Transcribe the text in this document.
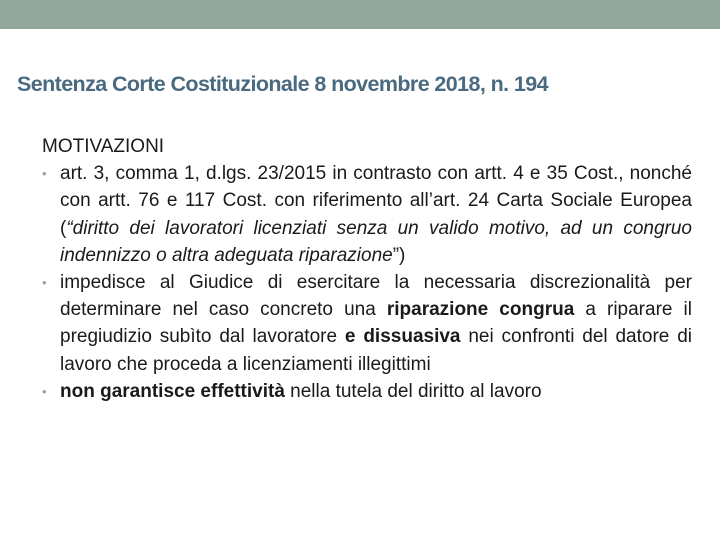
Sentenza Corte Costituzionale 8 novembre 2018, n. 194

MOTIVAZIONI

• art. 3, comma 1, d.lgs. 23/2015 in contrasto con artt. 4 e 35 Cost., nonché con artt. 76 e 117 Cost. con riferimento all’art. 24 Carta Sociale Europea (“diritto dei lavoratori licenziati senza un valido motivo, ad un congruo indennizzo o altra adeguata riparazione”)

• impedisce al Giudice di esercitare la necessaria discrezionalità per determinare nel caso concreto una riparazione congrua a riparare il pregiudizio subìto dal lavoratore e dissuasiva nei confronti del datore di lavoro che proceda a licenziamenti illegittimi

• non garantisce effettività nella tutela del diritto al lavoro
